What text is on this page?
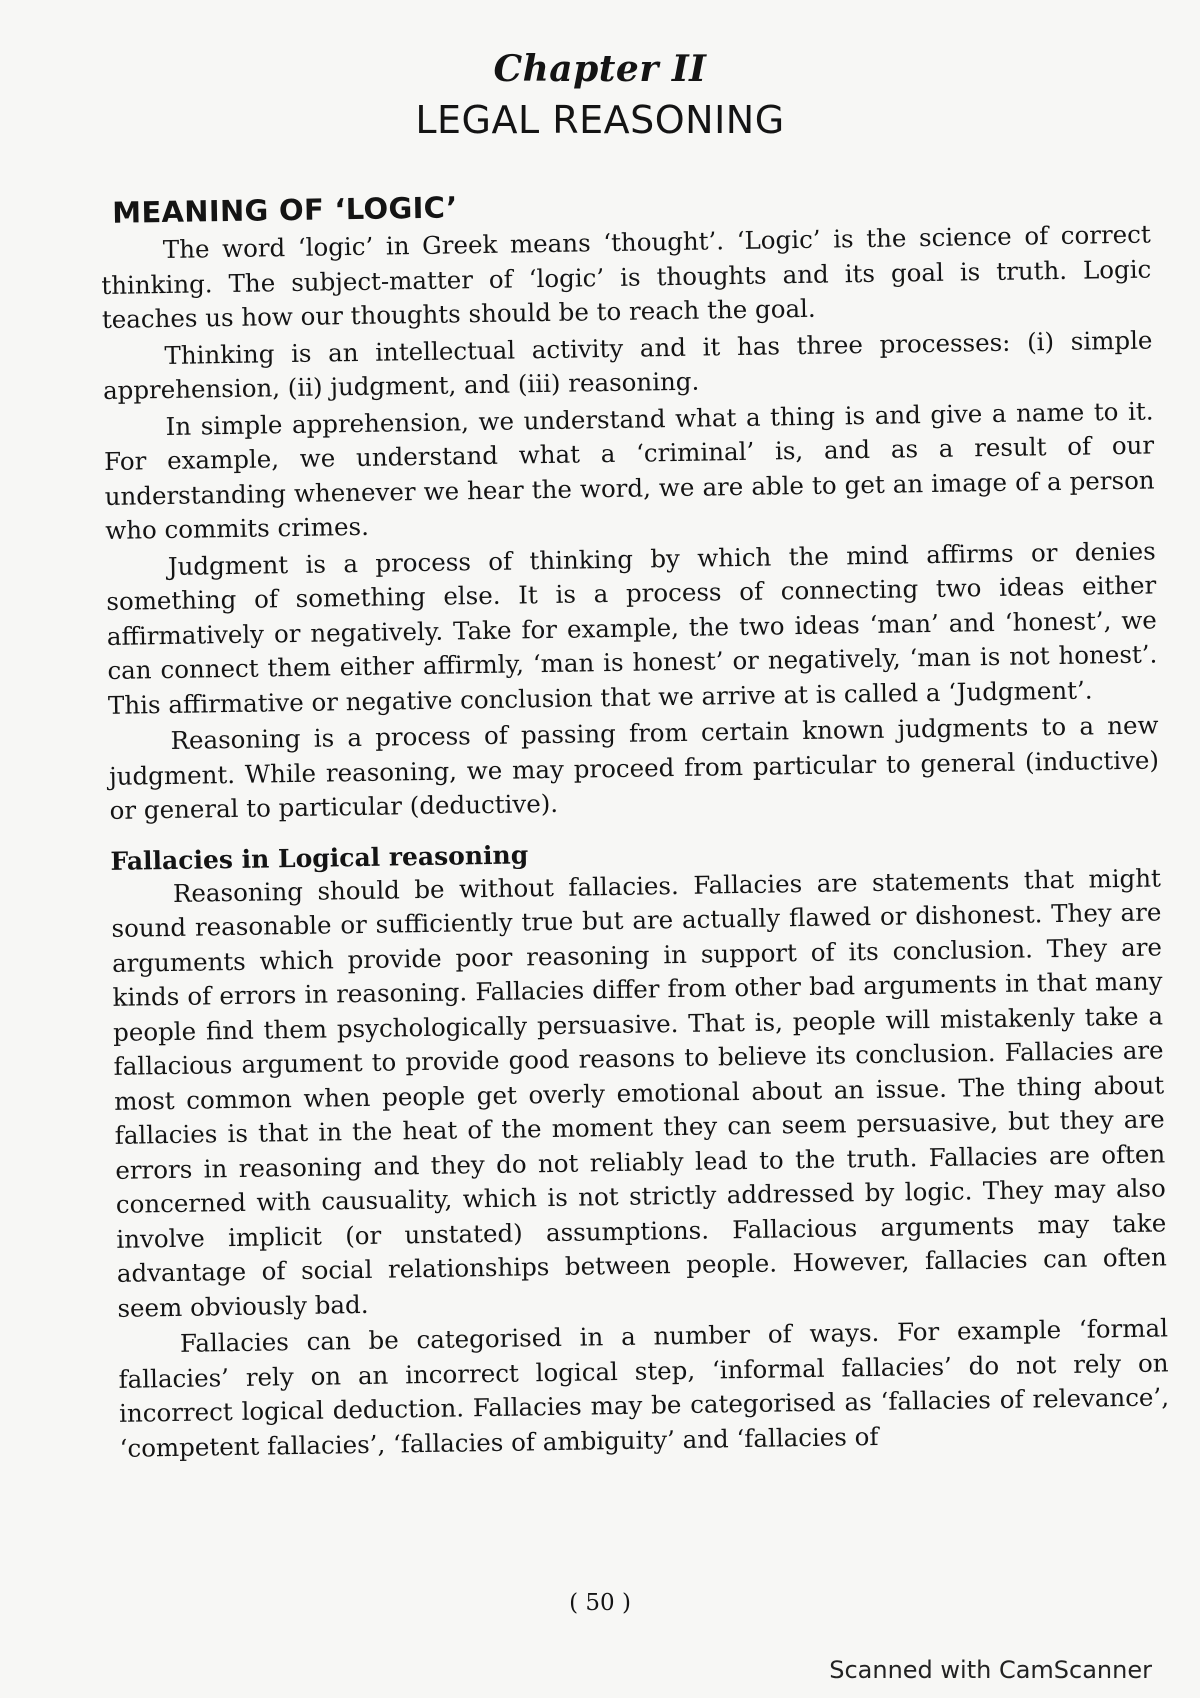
Chapter II
LEGAL REASONING
MEANING OF ‘LOGIC’

The word ‘logic’ in Greek means ‘thought’. ‘Logic’ is the science of correct thinking. The subject-matter of ‘logic’ is thoughts and its goal is truth. Logic teaches us how our thoughts should be to reach the goal.

Thinking is an intellectual activity and it has three processes: (i) simple apprehension, (ii) judgment, and (iii) reasoning.

In simple apprehension, we understand what a thing is and give a name to it. For example, we understand what a ‘criminal’ is, and as a result of our understanding whenever we hear the word, we are able to get an image of a person who commits crimes.

Judgment is a process of thinking by which the mind affirms or denies something of something else. It is a process of connecting two ideas either affirmatively or negatively. Take for example, the two ideas ‘man’ and ‘honest’, we can connect them either affirmly, ‘man is honest’ or negatively, ‘man is not honest’. This affirmative or negative conclusion that we arrive at is called a ‘Judgment’.

Reasoning is a process of passing from certain known judgments to a new judgment. While reasoning, we may proceed from particular to general (inductive) or general to particular (deductive).

Fallacies in Logical reasoning

Reasoning should be without fallacies. Fallacies are statements that might sound reasonable or sufficiently true but are actually flawed or dishonest. They are arguments which provide poor reasoning in support of its conclusion. They are kinds of errors in reasoning. Fallacies differ from other bad arguments in that many people find them psychologically persuasive. That is, people will mistakenly take a fallacious argument to provide good reasons to believe its conclusion. Fallacies are most common when people get overly emotional about an issue. The thing about fallacies is that in the heat of the moment they can seem persuasive, but they are errors in reasoning and they do not reliably lead to the truth. Fallacies are often concerned with causuality, which is not strictly addressed by logic. They may also involve implicit (or unstated) assumptions. Fallacious arguments may take advantage of social relationships between people. However, fallacies can often seem obviously bad.

Fallacies can be categorised in a number of ways. For example ‘formal fallacies’ rely on an incorrect logical step, ‘informal fallacies’ do not rely on incorrect logical deduction. Fallacies may be categorised as ‘fallacies of relevance’, ‘competent fallacies’, ‘fallacies of ambiguity’ and ‘fallacies of

( 50 )
Scanned with CamScanner
